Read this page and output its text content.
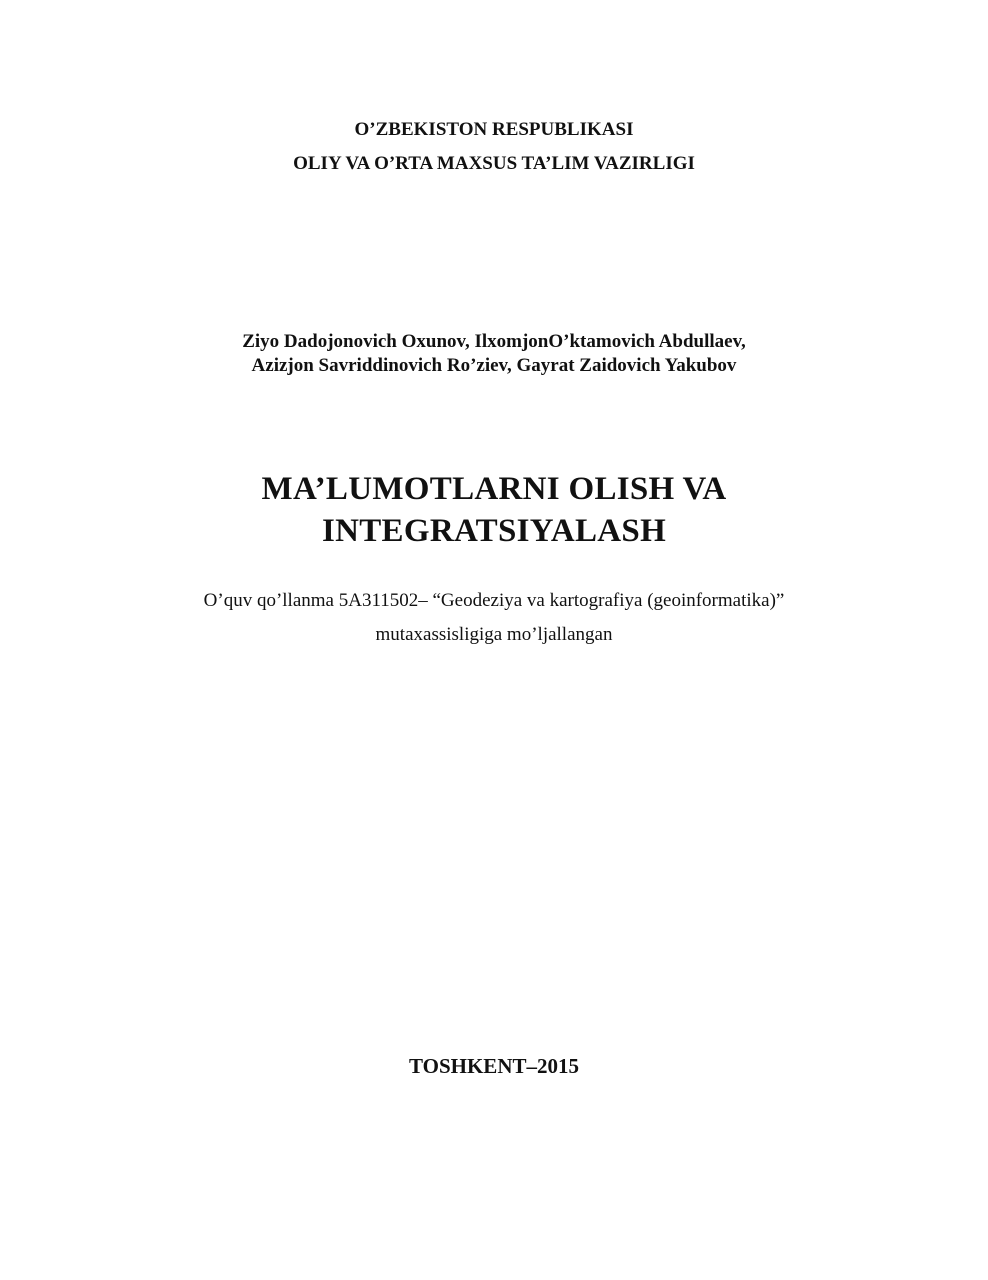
O’ZBEKISTON RESPUBLIKASI
OLIY VA O’RTA MAXSUS TA’LIM VAZIRLIGI
Ziyo Dadojonovich Oxunov, IlxomjonO’ktamovich Abdullaev,
Azizjon Savriddinovich Ro’ziev, Gayrat Zaidovich Yakubov
MA’LUMOTLARNI OLISH VA
INTEGRATSIYALASH
O’quv qo’llanma 5A311502– “Geodeziya va kartografiya (geoinformatika)”
mutaxassisligiga mo’ljallangan
TOSHKENT–2015
